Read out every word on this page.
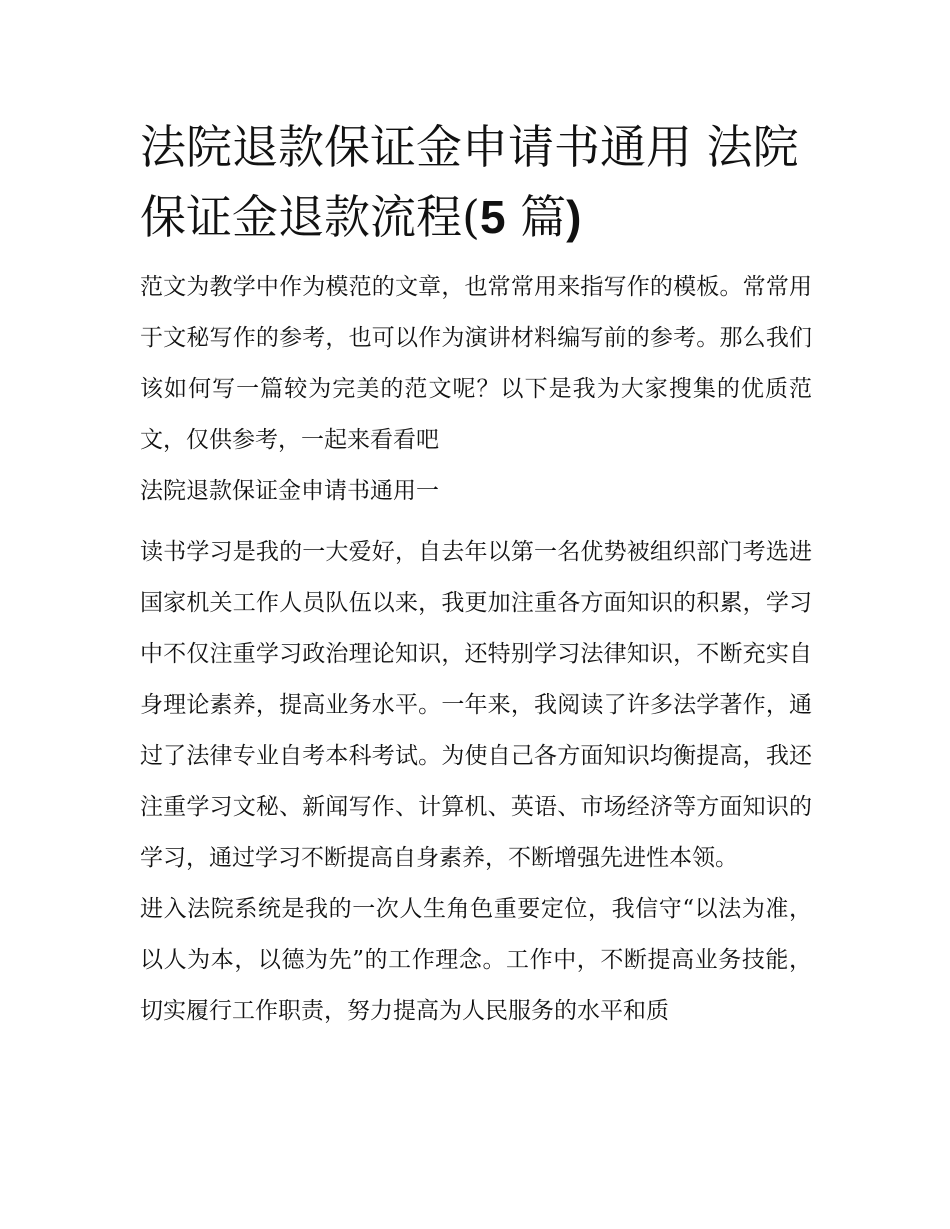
法院退款保证金申请书通用 法院保证金退款流程(5 篇)

范文为教学中作为模范的文章，也常常用来指写作的模板。常常用于文秘写作的参考，也可以作为演讲材料编写前的参考。那么我们该如何写一篇较为完美的范文呢？以下是我为大家搜集的优质范文，仅供参考，一起来看看吧

法院退款保证金申请书通用一

读书学习是我的一大爱好，自去年以第一名优势被组织部门考选进国家机关工作人员队伍以来，我更加注重各方面知识的积累，学习中不仅注重学习政治理论知识，还特别学习法律知识，不断充实自身理论素养，提高业务水平。一年来，我阅读了许多法学著作，通过了法律专业自考本科考试。为使自己各方面知识均衡提高，我还注重学习文秘、新闻写作、计算机、英语、市场经济等方面知识的学习，通过学习不断提高自身素养，不断增强先进性本领。

进入法院系统是我的一次人生角色重要定位，我信守“以法为准，以人为本，以德为先”的工作理念。工作中，不断提高业务技能，切实履行工作职责，努力提高为人民服务的水平和质
